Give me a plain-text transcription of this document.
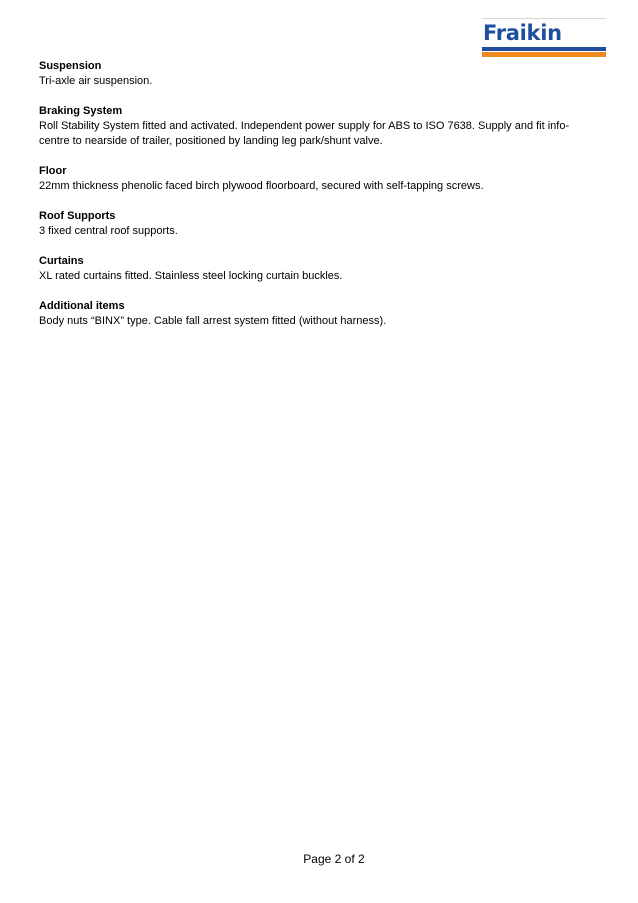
Fraikin

Suspension

Tri-axle air suspension.

Braking System

Roll Stability System fitted and activated. Independent power supply for ABS to ISO 7638. Supply and fit info-centre to nearside of trailer, positioned by landing leg park/shunt valve.

Floor

22mm thickness phenolic faced birch plywood floorboard, secured with self-tapping screws.

Roof Supports

3 fixed central roof supports.

Curtains

XL rated curtains fitted. Stainless steel locking curtain buckles.

Additional items

Body nuts “BINX” type. Cable fall arrest system fitted (without harness).

Page 2 of 2
